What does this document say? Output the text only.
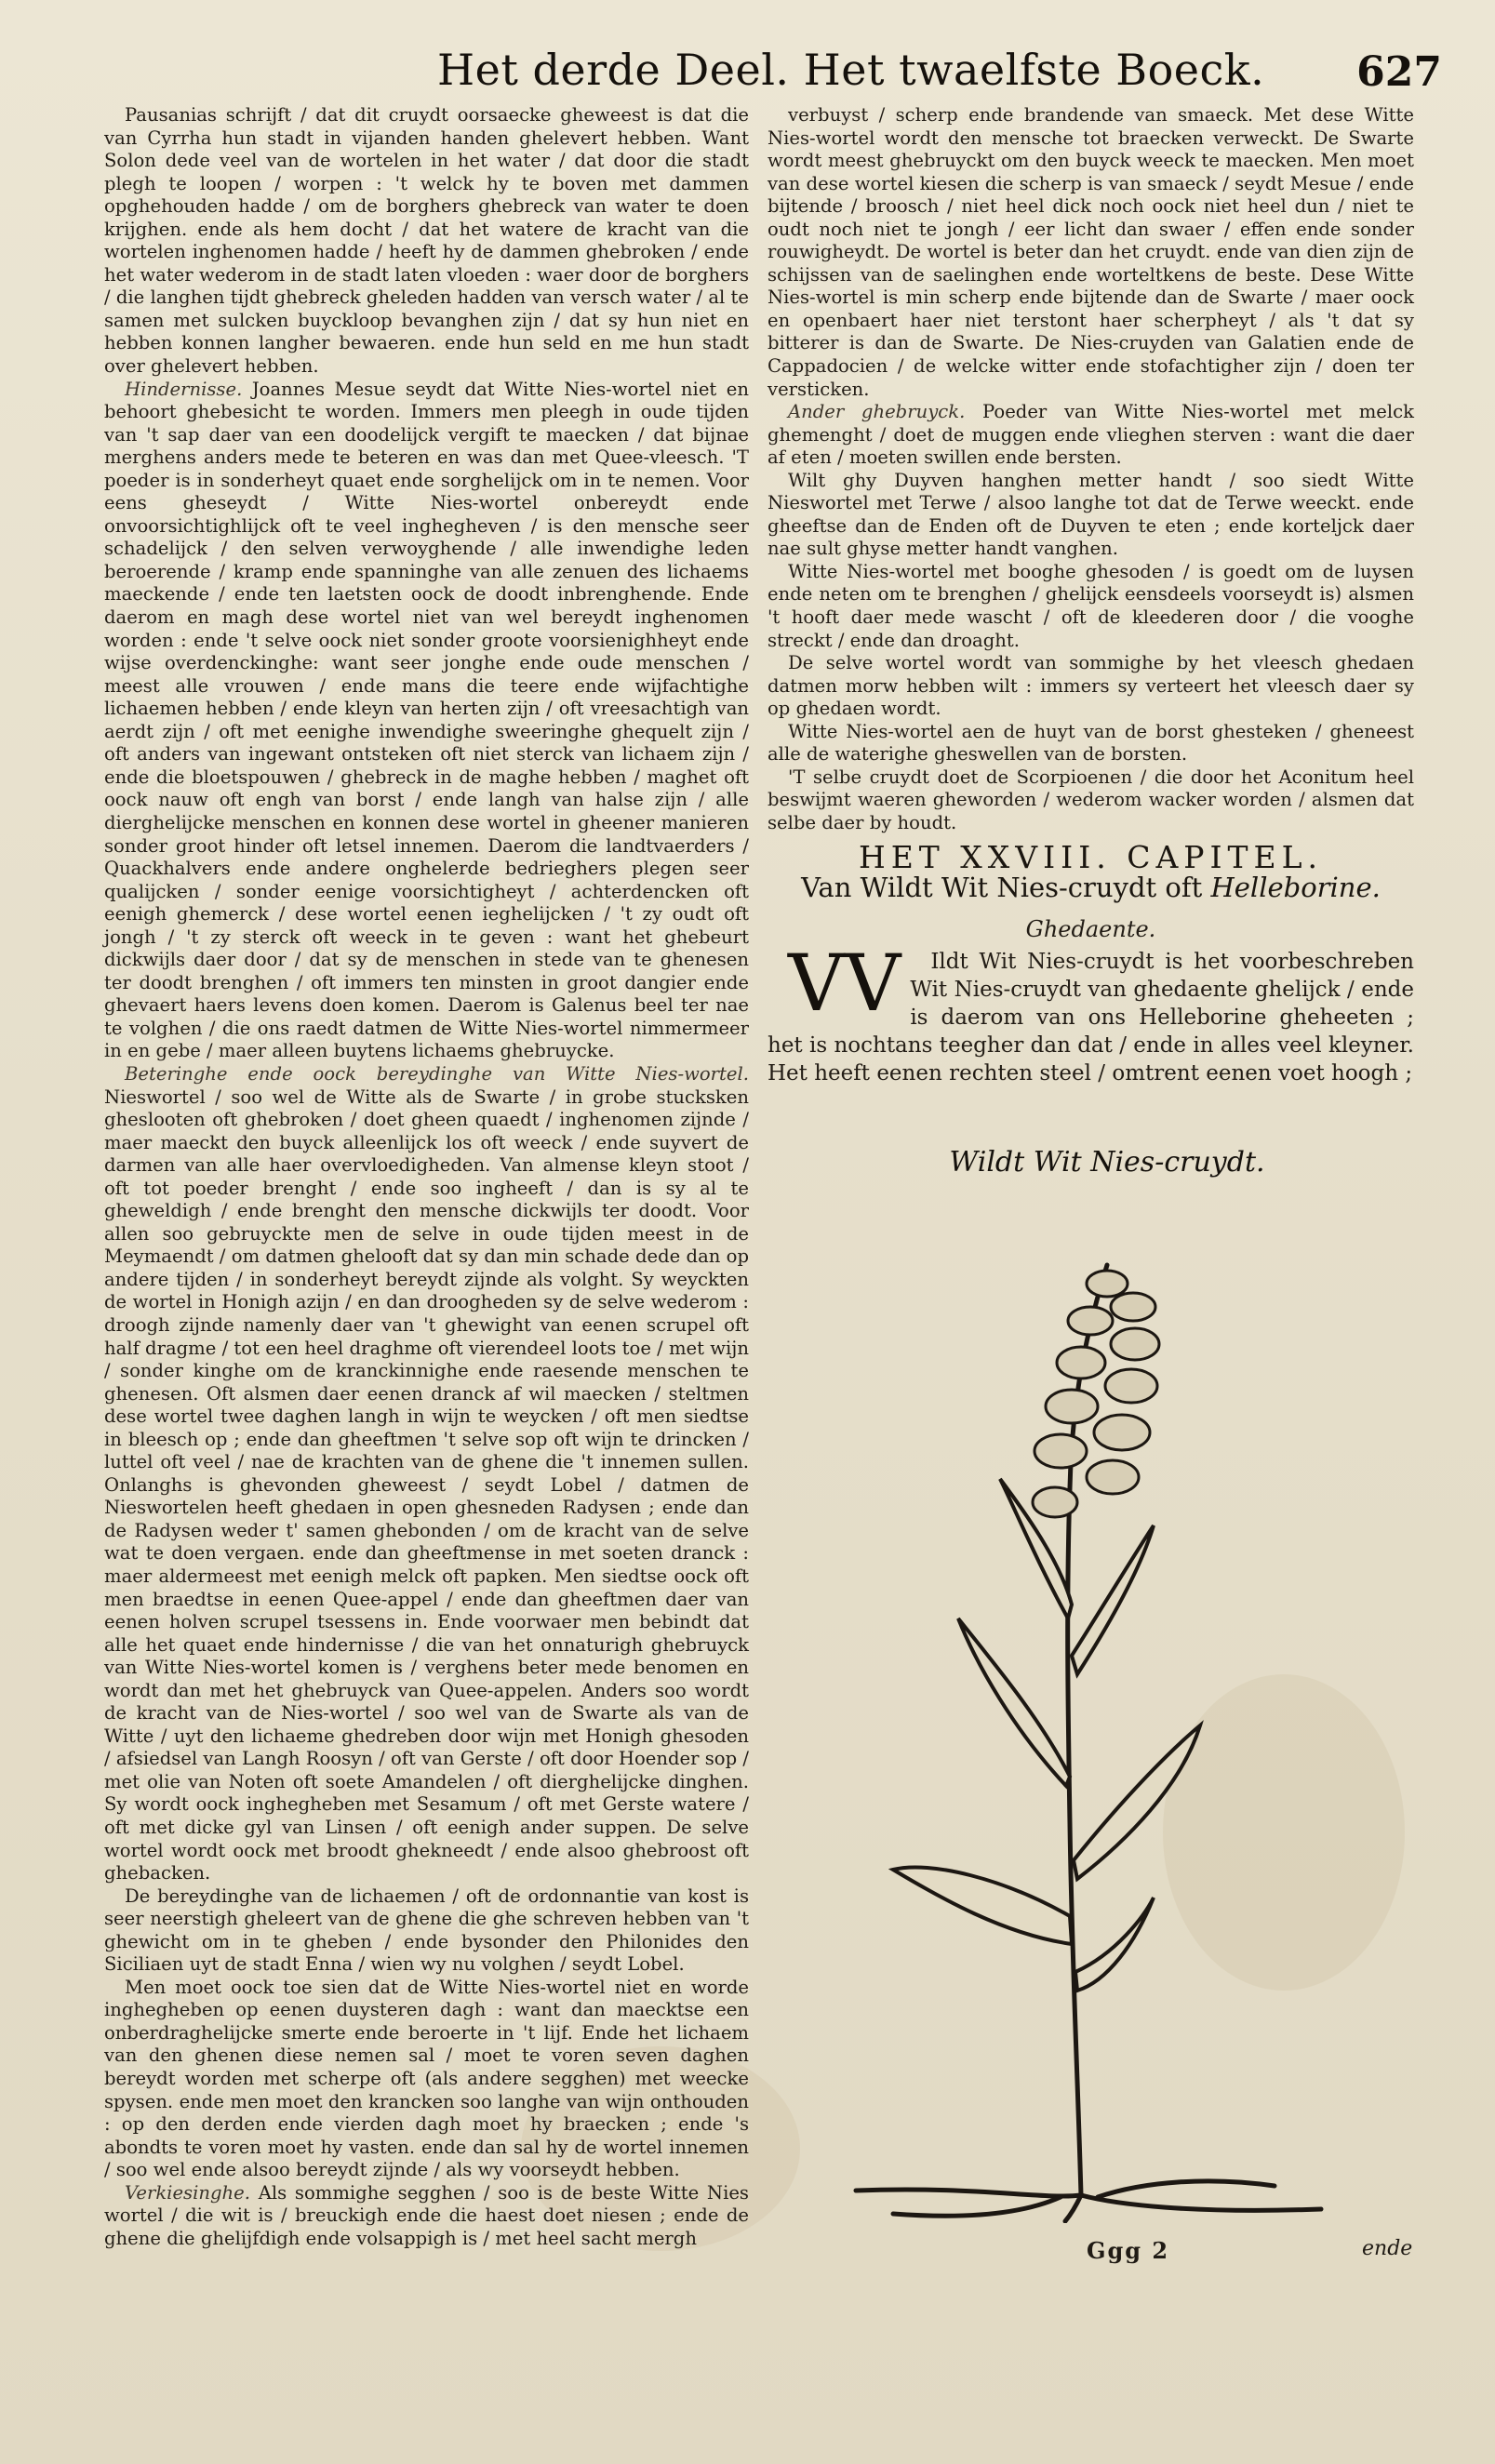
Het derde Deel. Het twaelfste Boeck. 627

Pausanias schrijft / dat dit cruydt oorsaecke gheweest is dat die van Cyrrha hun stadt in vijanden handen ghelevert hebben. Want Solon dede veel van de wortelen in het water / dat door die stadt plegh te loopen / worpen : 't welck hy te boven met dammen opghehouden hadde / om de borghers ghebreck van water te doen krijghen. ende als hem docht / dat het watere de kracht van die wortelen inghenomen hadde / heeft hy de dammen ghebroken / ende het water wederom in de stadt laten vloeden : waer door de borghers / die langhen tijdt ghebreck gheleden hadden van versch water / al te samen met sulcken buyckloop bevanghen zijn / dat sy hun niet en hebben konnen langher bewaeren. ende hun seld en me hun stadt over ghelevert hebben.

Hindernisse. Joannes Mesue seydt dat Witte Nies-wortel niet en behoort ghebesicht te worden. Immers men pleegh in oude tijden van 't sap daer van een doodelijck vergift te maecken / dat bijnae merghens anders mede te beteren en was dan met Quee-vleesch. 'T poeder is in sonderheyt quaet ende sorghelijck om in te nemen. Voor eens gheseydt / Witte Nies-wortel onbereydt ende onvoorsichtighlijck oft te veel inghegheven / is den mensche seer schadelijck / den selven verwoyghende / alle inwendighe leden beroerende / kramp ende spanninghe van alle zenuen des lichaems maeckende / ende ten laetsten oock de doodt inbrenghende. Ende daerom en magh dese wortel niet van wel bereydt inghenomen worden : ende 't selve oock niet sonder groote voorsienighheyt ende wijse overdenckinghe: want seer jonghe ende oude menschen / meest alle vrouwen / ende mans die teere ende wijfachtighe lichaemen hebben / ende kleyn van herten zijn / oft vreesachtigh van aerdt zijn / oft met eenighe inwendighe sweeringhe ghequelt zijn / oft anders van ingewant ontsteken oft niet sterck van lichaem zijn / ende die bloetspouwen / ghebreck in de maghe hebben / maghet oft oock nauw oft engh van borst / ende langh van halse zijn / alle dierghelijcke menschen en konnen dese wortel in gheener manieren sonder groot hinder oft letsel innemen. Daerom die landtvaerders / Quackhalvers ende andere onghelerde bedrieghers plegen seer qualijcken / sonder eenige voorsichtigheyt / achterdencken oft eenigh ghemerck / dese wortel eenen ieghelijcken / 't zy oudt oft jongh / 't zy sterck oft weeck in te geven : want het ghebeurt dickwijls daer door / dat sy de menschen in stede van te ghenesen ter doodt brenghen / oft immers ten minsten in groot dangier ende ghevaert haers levens doen komen. Daerom is Galenus beel ter nae te volghen / die ons raedt datmen de Witte Nies-wortel nimmermeer in en gebe / maer alleen buytens lichaems ghebruycke.

Beteringhe ende oock bereydinghe van Witte Nies-wortel. Nieswortel / soo wel de Witte als de Swarte / in grobe stucksken gheslooten oft ghebroken / doet gheen quaedt / inghenomen zijnde / maer maeckt den buyck alleenlijck los oft weeck / ende suyvert de darmen van alle haer overvloedigheden. Van almense kleyn stoot / oft tot poeder brenght / ende soo ingheeft / dan is sy al te gheweldigh / ende brenght den mensche dickwijls ter doodt. Voor allen soo gebruyckte men de selve in oude tijden meest in de Meymaendt / om datmen ghelooft dat sy dan min schade dede dan op andere tijden / in sonderheyt bereydt zijnde als volght. Sy weyckten de wortel in Honigh azijn / en dan droogheden sy de selve wederom : droogh zijnde namenly daer van 't ghewight van eenen scrupel oft half dragme / tot een heel draghme oft vierendeel loots toe / met wijn / sonder kinghe om de kranckinnighe ende raesende menschen te ghenesen. Oft alsmen daer eenen dranck af wil maecken / steltmen dese wortel twee daghen langh in wijn te weycken / oft men siedtse in bleesch op ; ende dan gheeftmen 't selve sop oft wijn te drincken / luttel oft veel / nae de krachten van de ghene die 't innemen sullen. Onlanghs is ghevonden gheweest / seydt Lobel / datmen de Nieswortelen heeft ghedaen in open ghesneden Radysen ; ende dan de Radysen weder t' samen ghebonden / om de kracht van de selve wat te doen vergaen. ende dan gheeftmense in met soeten dranck : maer aldermeest met eenigh melck oft papken. Men siedtse oock oft men braedtse in eenen Quee-appel / ende dan gheeftmen daer van eenen holven scrupel tsessens in. Ende voorwaer men bebindt dat alle het quaet ende hindernisse / die van het onnaturigh ghebruyck van Witte Nies-wortel komen is / verghens beter mede benomen en wordt dan met het ghebruyck van Quee-appelen. Anders soo wordt de kracht van de Nies-wortel / soo wel van de Swarte als van de Witte / uyt den lichaeme ghedreben door wijn met Honigh ghesoden / afsiedsel van Langh Roosyn / oft van Gerste / oft door Hoender sop / met olie van Noten oft soete Amandelen / oft dierghelijcke dinghen. Sy wordt oock inghegheben met Sesamum / oft met Gerste watere / oft met dicke gyl van Linsen / oft eenigh ander suppen. De selve wortel wordt oock met broodt ghekneedt / ende alsoo ghebroost oft ghebacken.

De bereydinghe van de lichaemen / oft de ordonnantie van kost is seer neerstigh gheleert van de ghene die ghe schreven hebben van 't ghewicht om in te gheben / ende bysonder den Philonides den Siciliaen uyt de stadt Enna / wien wy nu volghen / seydt Lobel.

Men moet oock toe sien dat de Witte Nies-wortel niet en worde inghegheben op eenen duysteren dagh : want dan maecktse een onberdraghelijcke smerte ende beroerte in 't lijf. Ende het lichaem van den ghenen diese nemen sal / moet te voren seven daghen bereydt worden met scherpe oft (als andere segghen) met weecke spysen. ende men moet den krancken soo langhe van wijn onthouden : op den derden ende vierden dagh moet hy braecken ; ende 's abondts te voren moet hy vasten. ende dan sal hy de wortel innemen / soo wel ende alsoo bereydt zijnde / als wy voorseydt hebben.

Verkiesinghe. Als sommighe segghen / soo is de beste Witte Nies wortel / die wit is / breuckigh ende die haest doet niesen ; ende de ghene die ghelijfdigh ende volsappigh is / met heel sacht mergh

verbuyst / scherp ende brandende van smaeck. Met dese Witte Nies-wortel wordt den mensche tot braecken verweckt. De Swarte wordt meest ghebruyckt om den buyck weeck te maecken. Men moet van dese wortel kiesen die scherp is van smaeck / seydt Mesue / ende bijtende / broosch / niet heel dick noch oock niet heel dun / niet te oudt noch niet te jongh / eer licht dan swaer / effen ende sonder rouwigheydt. De wortel is beter dan het cruydt. ende van dien zijn de schijssen van de saelinghen ende worteltkens de beste. Dese Witte Nies-wortel is min scherp ende bijtende dan de Swarte / maer oock en openbaert haer niet terstont haer scherpheyt / als 't dat sy bitterer is dan de Swarte. De Nies-cruyden van Galatien ende de Cappadocien / de welcke witter ende stofachtigher zijn / doen ter versticken.

Ander ghebruyck. Poeder van Witte Nies-wortel met melck ghemenght / doet de muggen ende vlieghen sterven : want die daer af eten / moeten swillen ende bersten.

Wilt ghy Duyven hanghen metter handt / soo siedt Witte Nieswortel met Terwe / alsoo langhe tot dat de Terwe weeckt. ende gheeftse dan de Enden oft de Duyven te eten ; ende korteljck daer nae sult ghyse metter handt vanghen.

Witte Nies-wortel met booghe ghesoden / is goedt om de luysen ende neten om te brenghen / ghelijck eensdeels voorseydt is) alsmen 't hooft daer mede wascht / oft de kleederen door / die vooghe streckt / ende dan droaght.

De selve wortel wordt van sommighe by het vleesch ghedaen datmen morw hebben wilt : immers sy verteert het vleesch daer sy op ghedaen wordt.

Witte Nies-wortel aen de huyt van de borst ghesteken / gheneest alle de waterighe gheswellen van de borsten.

'T selbe cruydt doet de Scorpioenen / die door het Aconitum heel beswijmt waeren gheworden / wederom wacker worden / alsmen dat selbe daer by houdt.

HET XXVIII. CAPITEL.
Van Wildt Wit Nies-cruydt oft Helleborine.
Ghedaente.

VV Ildt Wit Nies-cruydt is het voorbeschreben Wit Nies-cruydt van ghedaente ghelijck / ende is daerom van ons Helleborine gheheeten ; het is nochtans teegher dan dat / ende in alles veel kleyner. Het heeft eenen rechten steel / omtrent eenen voet hoogh ;

Wildt Wit Nies-cruydt.
Ggg 2	ende
